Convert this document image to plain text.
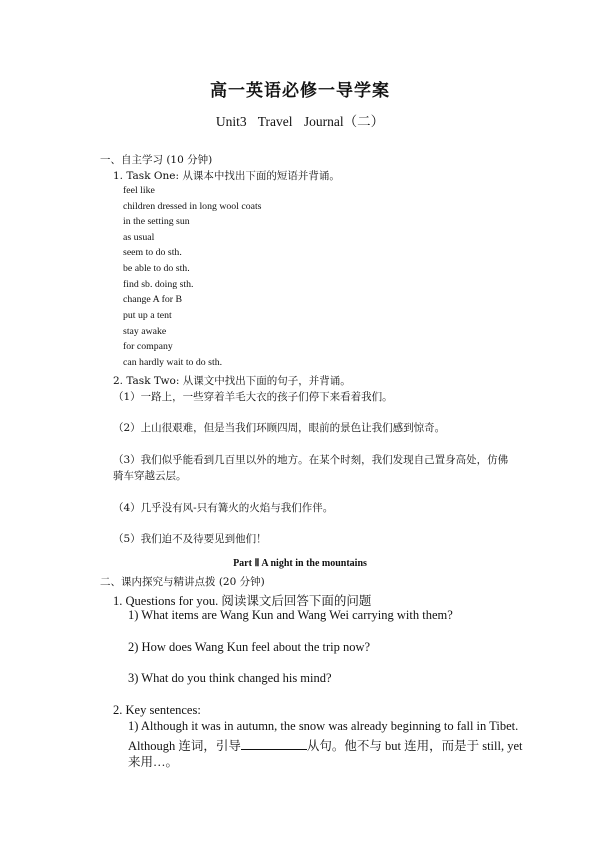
高一英语必修一导学案
Unit3 Travel Journal（二）
一、自主学习 (10 分钟)
1. Task One: 从课本中找出下面的短语并背诵。
feel like
children dressed in long wool coats
in the setting sun
as usual
seem to do sth.
be able to do sth.
find sb. doing sth.
change A for B
put up a tent
stay awake
for company
can hardly wait to do sth.
2. Task Two: 从课文中找出下面的句子，并背诵。
（1）一路上，一些穿着羊毛大衣的孩子们停下来看着我们。
（2）上山很艰难，但是当我们环顾四周，眼前的景色让我们感到惊奇。
（3）我们似乎能看到几百里以外的地方。在某个时刻，我们发现自己置身高处，仿佛
骑车穿越云层。
（4）几乎没有风-只有篝火的火焰与我们作伴。
（5）我们迫不及待要见到他们！
Part Ⅱ A night in the mountains
二、课内探究与精讲点拨 (20 分钟)
1. Questions for you. 阅读课文后回答下面的问题
1) What items are Wang Kun and Wang Wei carrying with them?
2) How does Wang Kun feel about the trip now?
3) What do you think changed his mind?
2. Key sentences:
1) Although it was in autumn, the snow was already beginning to fall in Tibet.
Although 连词，引导	从句。他不与 but 连用，而是于 still, yet
来用…。
